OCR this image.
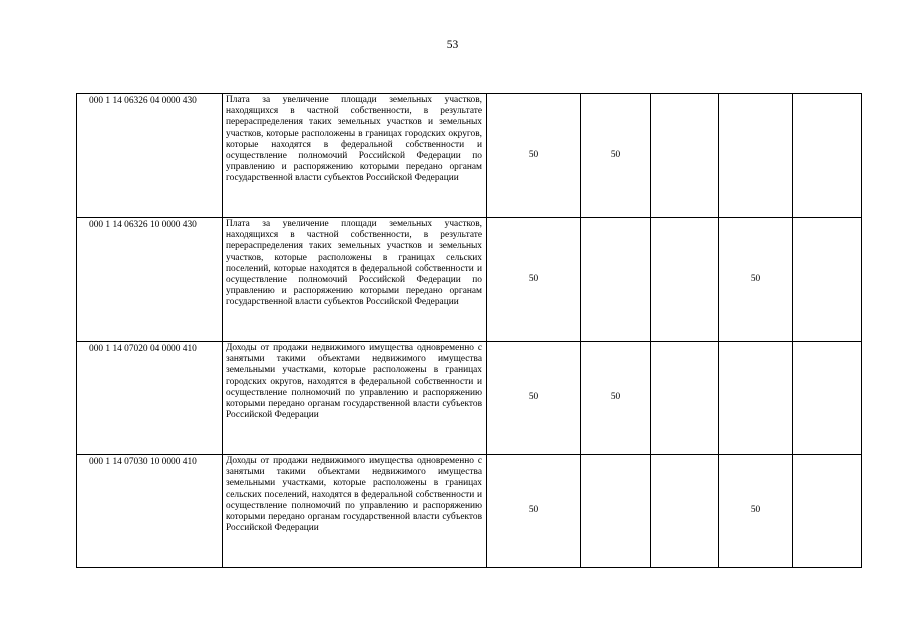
53
000 1 14 06326 04 0000 430	Плата за увеличение площади земельных участков, находящихся в частной собственности, в результате перераспределения таких земельных участков и земельных участков, которые расположены в границах городских округов, которые находятся в федеральной собственности и осуществление полномочий Российской Федерации по управлению и распоряжению которыми передано органам государственной власти субъектов Российской Федерации	50	50			
000 1 14 06326 10 0000 430	Плата за увеличение площади земельных участков, находящихся в частной собственности, в результате перераспределения таких земельных участков и земельных участков, которые расположены в границах сельских поселений, которые находятся в федеральной собственности и осуществление полномочий Российской Федерации по управлению и распоряжению которыми передано органам государственной власти субъектов Российской Федерации	50			50	
000 1 14 07020 04 0000 410	Доходы от продажи недвижимого имущества одновременно с занятыми такими объектами недвижимого имущества земельными участками, которые расположены в границах городских округов, находятся в федеральной собственности и осуществление полномочий по управлению и распоряжению которыми передано органам государственной власти субъектов Российской Федерации	50	50			
000 1 14 07030 10 0000 410	Доходы от продажи недвижимого имущества одновременно с занятыми такими объектами недвижимого имущества земельными участками, которые расположены в границах сельских поселений, находятся в федеральной собственности и осуществление полномочий по управлению и распоряжению которыми передано органам государственной власти субъектов Российской Федерации	50			50	
